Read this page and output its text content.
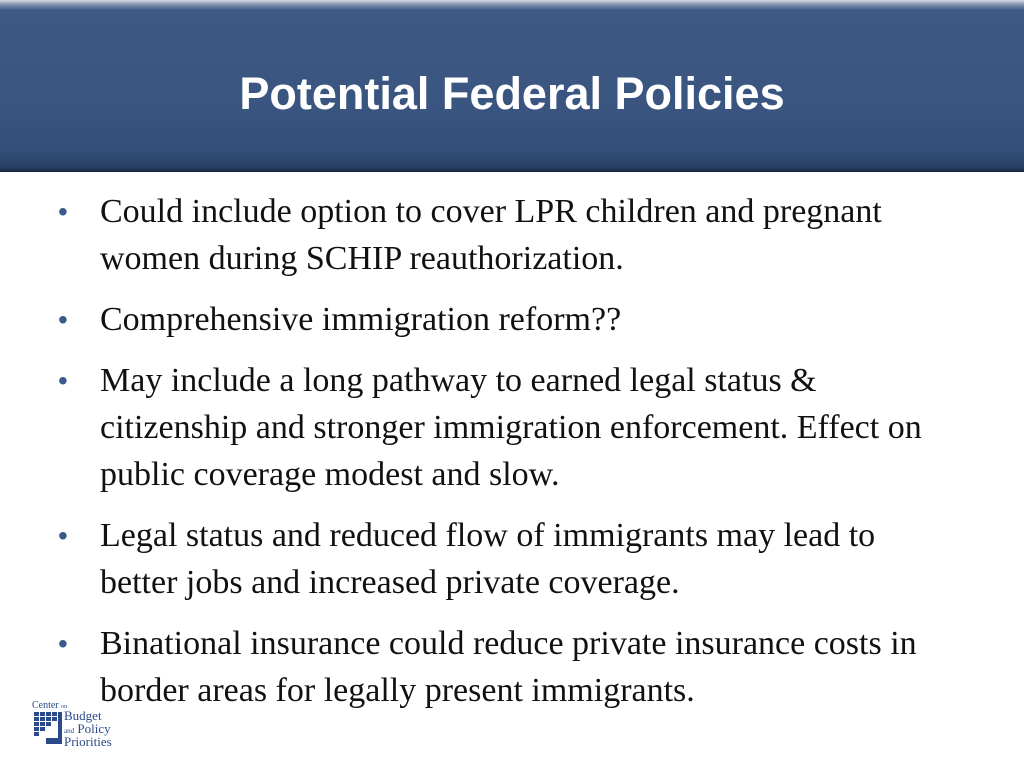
Potential Federal Policies
• Could include option to cover LPR children and pregnant women during SCHIP reauthorization.
• Comprehensive immigration reform??
• May include a long pathway to earned legal status & citizenship and stronger immigration enforcement. Effect on public coverage modest and slow.
• Legal status and reduced flow of immigrants may lead to better jobs and increased private coverage.
• Binational insurance could reduce private insurance costs in border areas for legally present immigrants.
Center on
Budget
and Policy
Priorities
